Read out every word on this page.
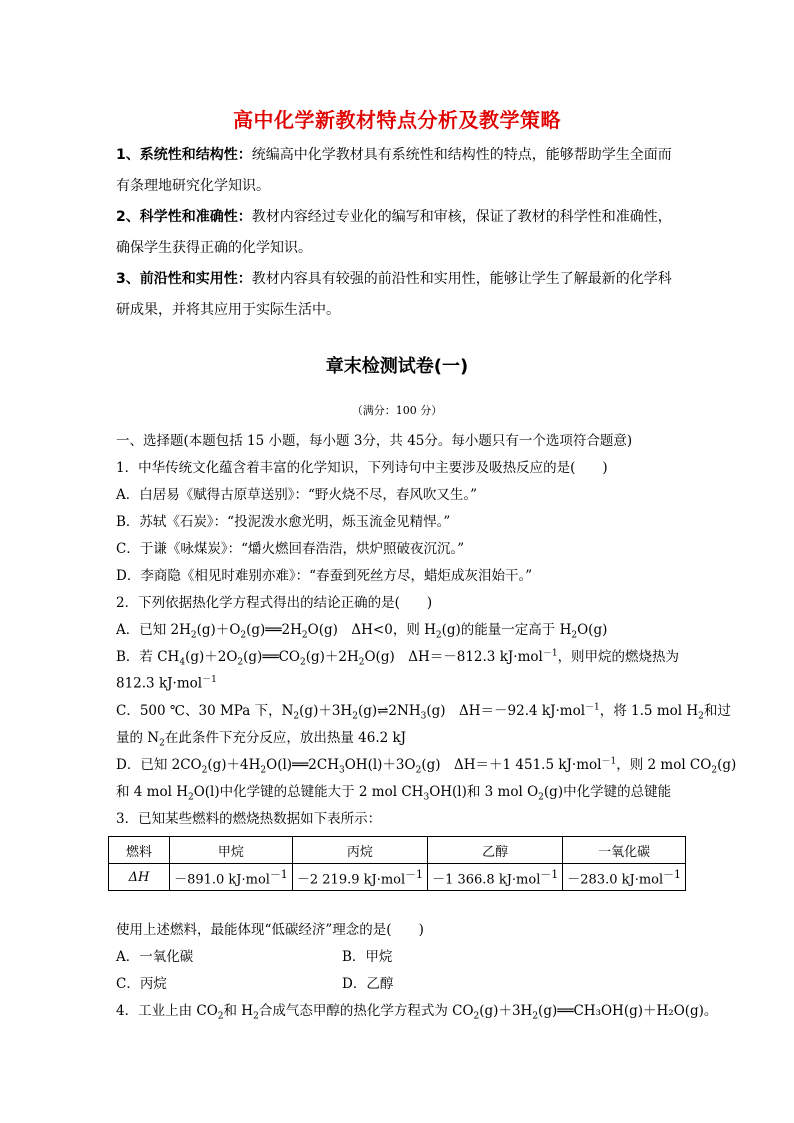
高中化学新教材特点分析及教学策略
1、系统性和结构性：统编高中化学教材具有系统性和结构性的特点，能够帮助学生全面而
有条理地研究化学知识。
2、科学性和准确性：教材内容经过专业化的编写和审核，保证了教材的科学性和准确性，
确保学生获得正确的化学知识。
3、前沿性和实用性：教材内容具有较强的前沿性和实用性，能够让学生了解最新的化学科
研成果，并将其应用于实际生活中。
章末检测试卷(一)
（满分：100 分）
一、选择题(本题包括 15 小题，每小题 3分，共 45分。每小题只有一个选项符合题意)
1．中华传统文化蕴含着丰富的化学知识，下列诗句中主要涉及吸热反应的是(　　)
A．白居易《赋得古原草送别》：“野火烧不尽，春风吹又生。”
B．苏轼《石炭》：“投泥泼水愈光明，烁玉流金见精悍。”
C．于谦《咏煤炭》：“爝火燃回春浩浩，烘炉照破夜沉沉。”
D．李商隐《相见时难别亦难》：“春蚕到死丝方尽，蜡炬成灰泪始干。”
2．下列依据热化学方程式得出的结论正确的是(　　)
A．已知 $2H_2(g)+O_2(g)══2H_2O(g)$　ΔH<0，则 $H_2(g)$的能量一定高于 $H_2O(g)$
B．若 $CH_4(g)+2O_2(g)══CO_2(g)+2H_2O(g)$　ΔH＝－812.3 kJ·mol$^{-1}$，则甲烷的燃烧热为
812.3 kJ·mol$^{-1}$
C．500 ℃、30 MPa 下，$N_2(g)+3H_2(g)\rightleftharpoons 2NH_3(g)$　ΔH＝－92.4 kJ·mol$^{-1}$，将 1.5 mol $H_2$和过
量的 $N_2$在此条件下充分反应，放出热量 46.2 kJ
D．已知 $2CO_2(g)+4H_2O(l)══2CH_3OH(l)+3O_2(g)$　ΔH＝＋1 451.5 kJ·mol$^{-1}$，则 2 mol $CO_2(g)$
和 4 mol $H_2O(l)$中化学键的总键能大于 2 mol $CH_3OH(l)$和 3 mol $O_2(g)$中化学键的总键能
3．已知某些燃料的燃烧热数据如下表所示：
燃料	甲烷	丙烷	乙醇	一氧化碳
ΔH	－891.0 kJ·mol$^{-1}$	－2 219.9 kJ·mol$^{-1}$	－1 366.8 kJ·mol$^{-1}$	－283.0 kJ·mol$^{-1}$
使用上述燃料，最能体现“低碳经济”理念的是(　　)
A．一氧化碳	B．甲烷
C．丙烷	D．乙醇
4．工业上由 $CO_2$和 $H_2$合成气态甲醇的热化学方程式为 $CO_2(g)+3H_2(g)══CH_3OH(g)+H_2O(g)$。
